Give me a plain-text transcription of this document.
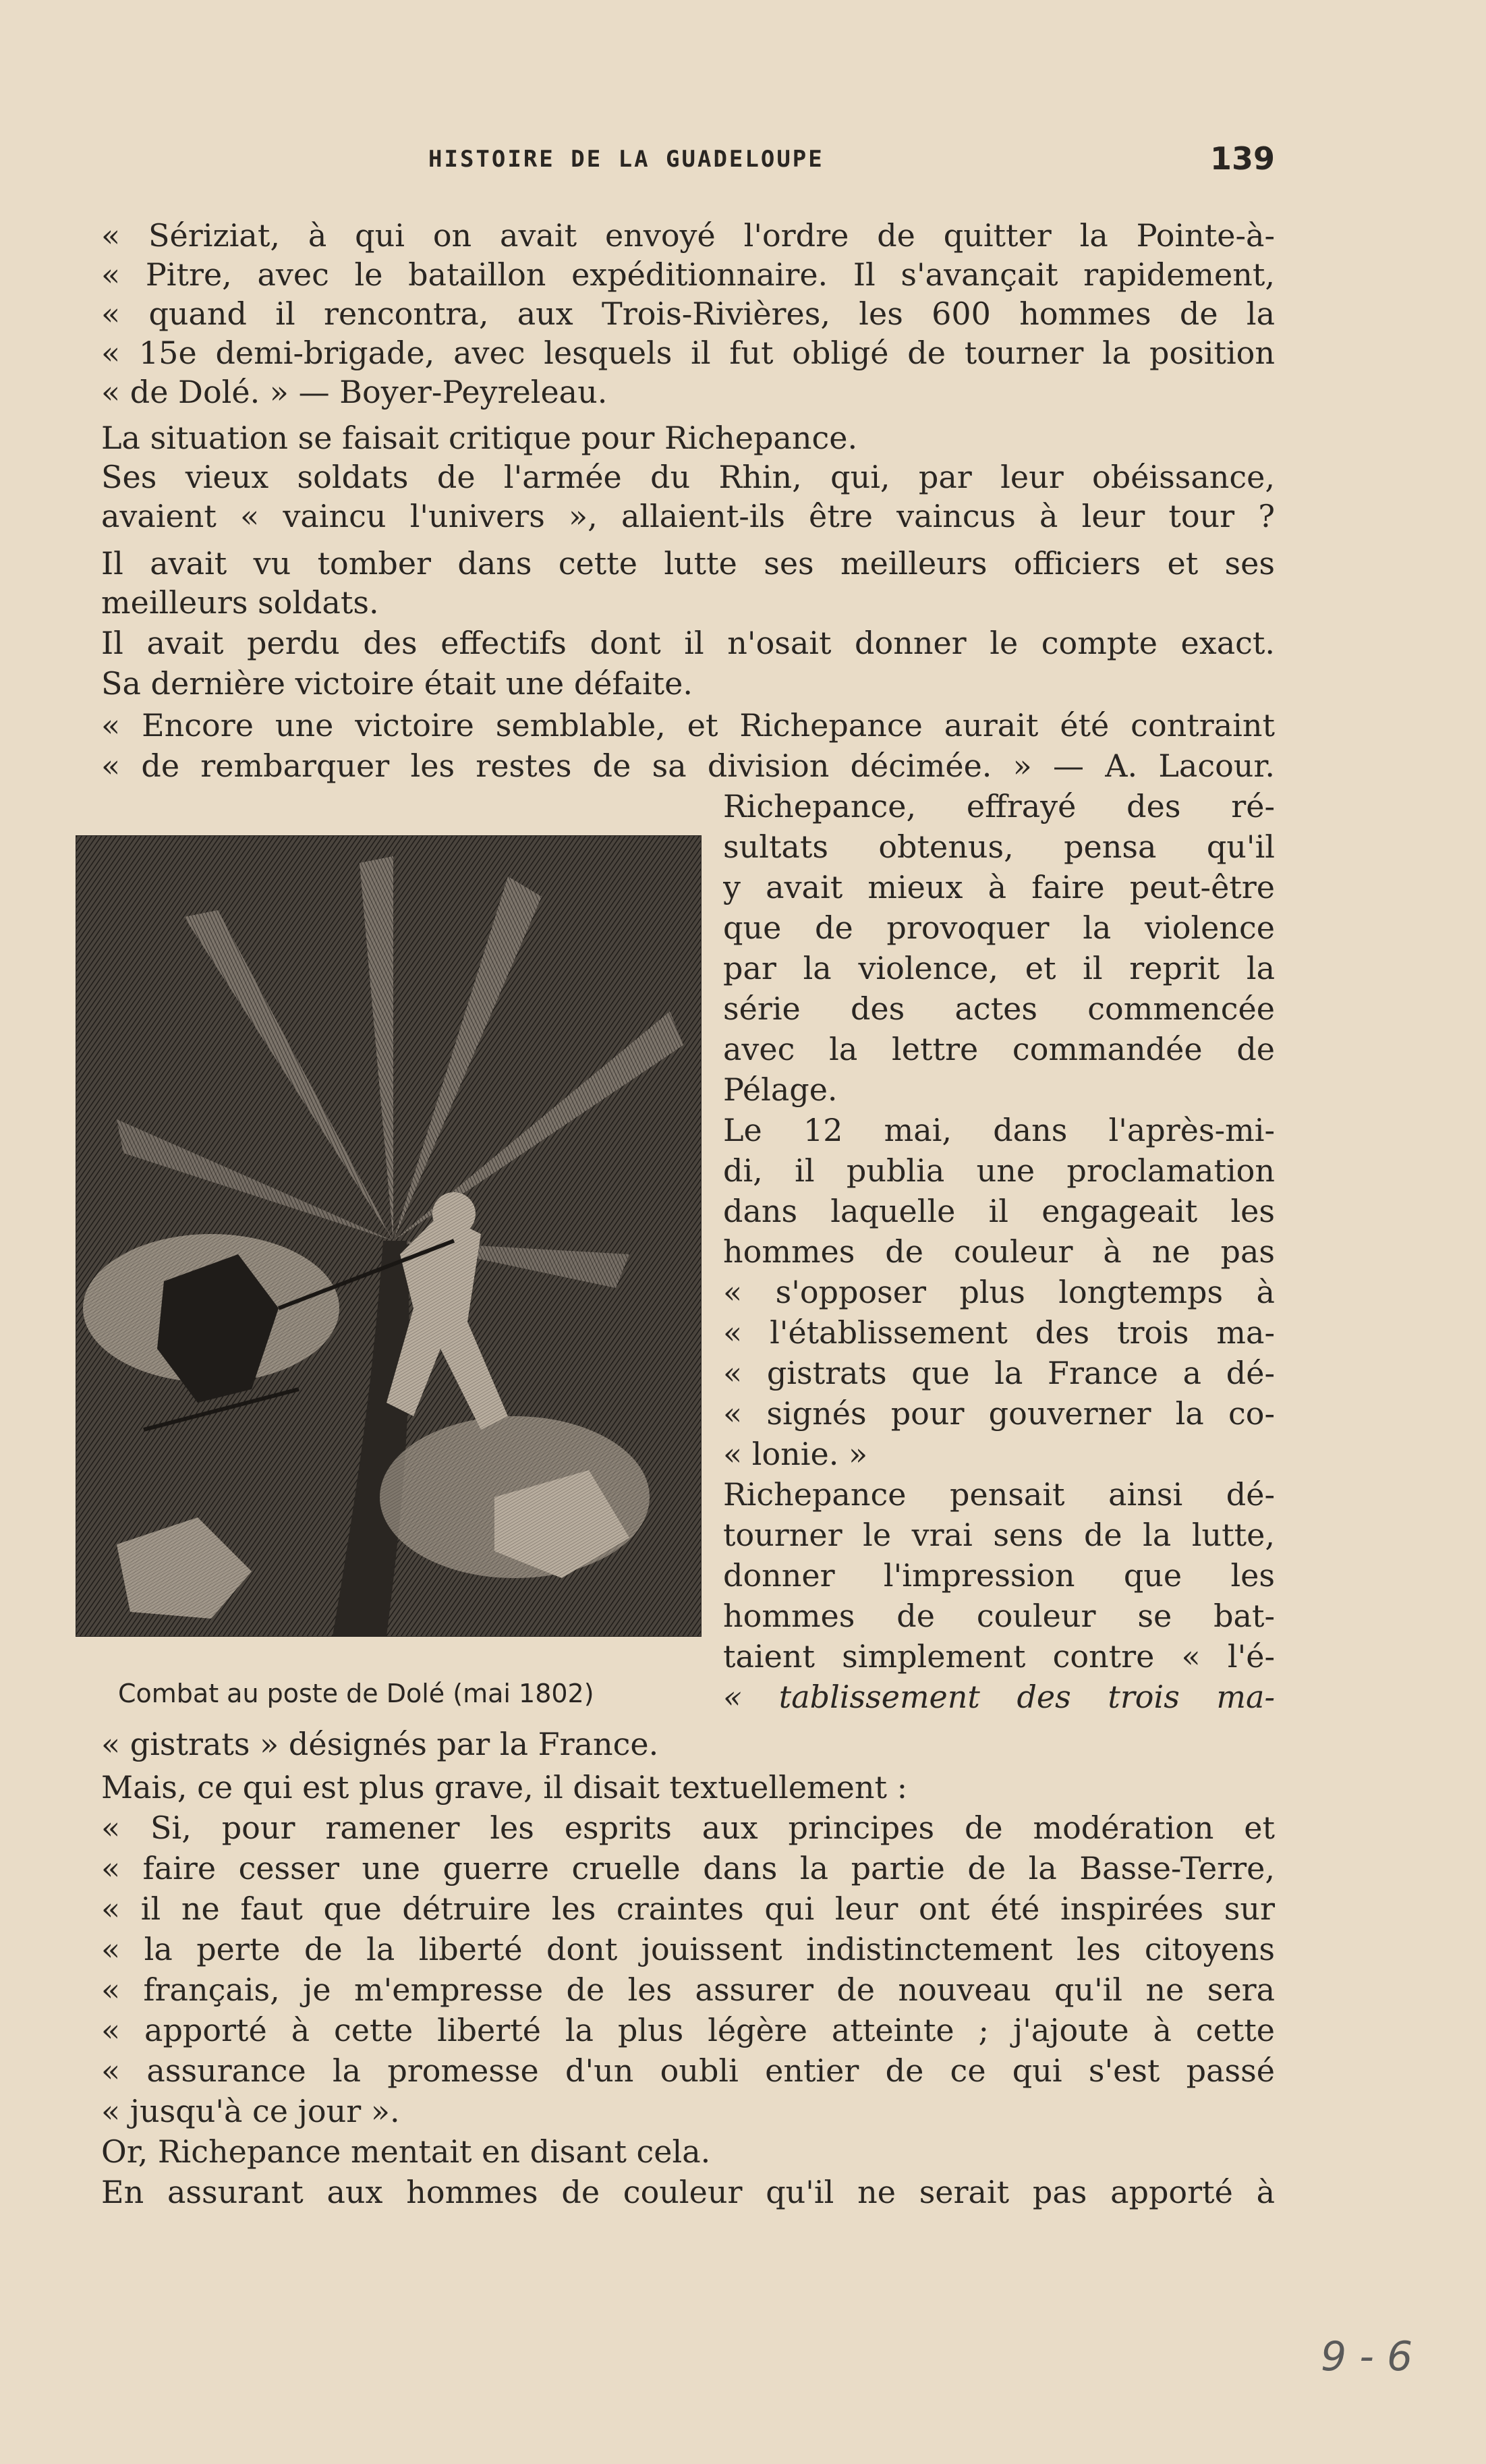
HISTOIRE DE LA GUADELOUPE	139
« Sériziat, à qui on avait envoyé l'ordre de quitter la Pointe-à-
« Pitre, avec le bataillon expéditionnaire. Il s'avançait rapidement,
« quand il rencontra, aux Trois-Rivières, les 600 hommes de la
« 15e demi-brigade, avec lesquels il fut obligé de tourner la position
« de Dolé. » — Boyer-Peyreleau.
La situation se faisait critique pour Richepance.
Ses vieux soldats de l'armée du Rhin, qui, par leur obéissance,
avaient « vaincu l'univers », allaient-ils être vaincus à leur tour ?
Il avait vu tomber dans cette lutte ses meilleurs officiers et ses
meilleurs soldats.
Il avait perdu des effectifs dont il n'osait donner le compte exact.
Sa dernière victoire était une défaite.
« Encore une victoire semblable, et Richepance aurait été contraint
« de rembarquer les restes de sa division décimée. » — A. Lacour.
Combat au poste de Dolé (mai 1802)
Richepance, effrayé des ré-
sultats obtenus, pensa qu'il
y avait mieux à faire peut-être
que de provoquer la violence
par la violence, et il reprit la
série des actes commencée
avec la lettre commandée de
Pélage.
Le 12 mai, dans l'après-mi-
di, il publia une proclamation
dans laquelle il engageait les
hommes de couleur à ne pas
« s'opposer plus longtemps à
« l'établissement des trois ma-
« gistrats que la France a dé-
« signés pour gouverner la co-
« lonie. »
Richepance pensait ainsi dé-
tourner le vrai sens de la lutte,
donner l'impression que les
hommes de couleur se bat-
taient simplement contre « l'é-
« tablissement des trois ma-
« gistrats » désignés par la France.
Mais, ce qui est plus grave, il disait textuellement :
« Si, pour ramener les esprits aux principes de modération et
« faire cesser une guerre cruelle dans la partie de la Basse-Terre,
« il ne faut que détruire les craintes qui leur ont été inspirées sur
« la perte de la liberté dont jouissent indistinctement les citoyens
« français, je m'empresse de les assurer de nouveau qu'il ne sera
« apporté à cette liberté la plus légère atteinte ; j'ajoute à cette
« assurance la promesse d'un oubli entier de ce qui s'est passé
« jusqu'à ce jour ».
Or, Richepance mentait en disant cela.
En assurant aux hommes de couleur qu'il ne serait pas apporté à
9 - 6
